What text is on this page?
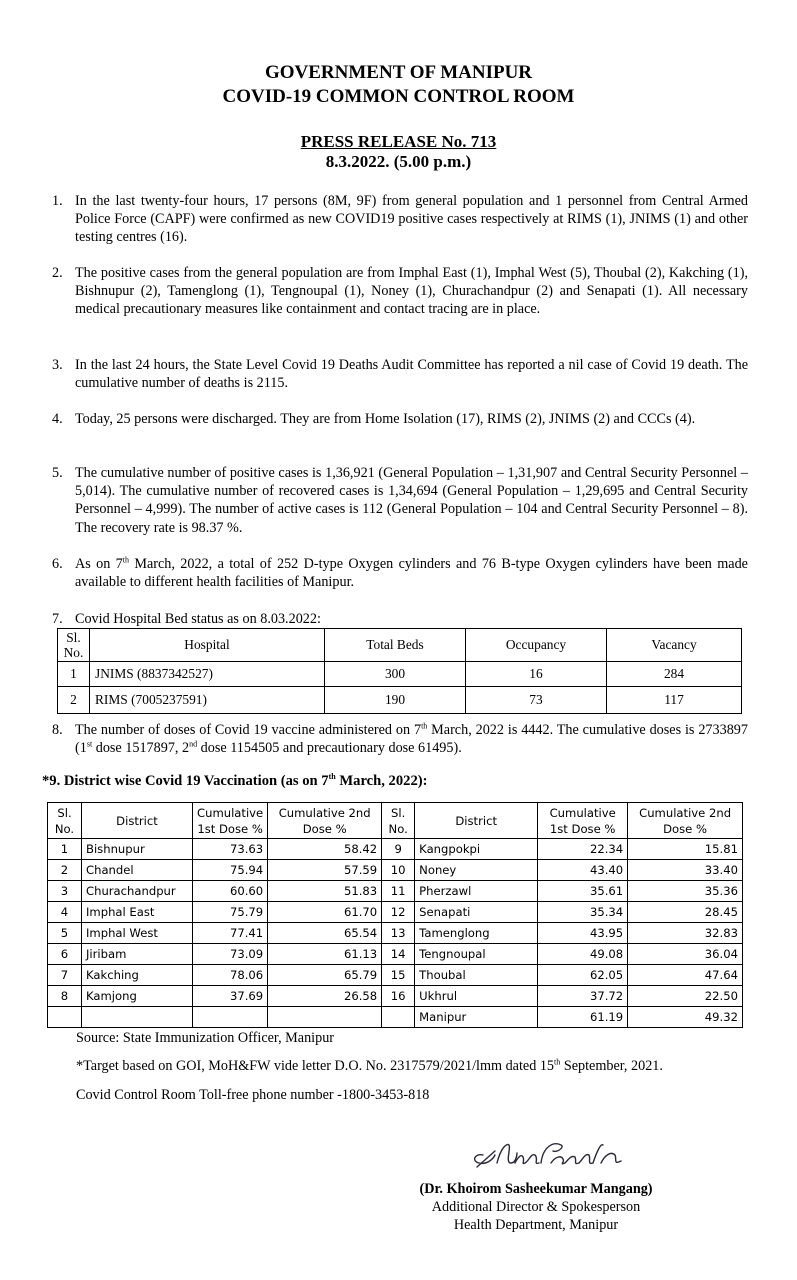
GOVERNMENT OF MANIPUR
COVID-19 COMMON CONTROL ROOM
PRESS RELEASE No. 713
8.3.2022. (5.00 p.m.)
1. In the last twenty-four hours, 17 persons (8M, 9F) from general population and 1 personnel from Central Armed Police Force (CAPF) were confirmed as new COVID19 positive cases respectively at RIMS (1), JNIMS (1) and other testing centres (16).
2. The positive cases from the general population are from Imphal East (1), Imphal West (5), Thoubal (2), Kakching (1), Bishnupur (2), Tamenglong (1), Tengnoupal (1), Noney (1), Churachandpur (2) and Senapati (1). All necessary medical precautionary measures like containment and contact tracing are in place.
3. In the last 24 hours, the State Level Covid 19 Deaths Audit Committee has reported a nil case of Covid 19 death. The cumulative number of deaths is 2115.
4. Today, 25 persons were discharged. They are from Home Isolation (17), RIMS (2), JNIMS (2) and CCCs (4).
5. The cumulative number of positive cases is 1,36,921 (General Population – 1,31,907 and Central Security Personnel – 5,014). The cumulative number of recovered cases is 1,34,694 (General Population – 1,29,695 and Central Security Personnel – 4,999). The number of active cases is 112 (General Population – 104 and Central Security Personnel – 8). The recovery rate is 98.37 %.
6. As on 7th March, 2022, a total of 252 D-type Oxygen cylinders and 76 B-type Oxygen cylinders have been made available to different health facilities of Manipur.
7. Covid Hospital Bed status as on 8.03.2022:
Sl. No.	Hospital	Total Beds	Occupancy	Vacancy
1	JNIMS (8837342527)	300	16	284
2	RIMS (7005237591)	190	73	117
8. The number of doses of Covid 19 vaccine administered on 7th March, 2022 is 4442. The cumulative doses is 2733897 (1st dose 1517897, 2nd dose 1154505 and precautionary dose 61495).
*9. District wise Covid 19 Vaccination (as on 7th March, 2022):
Sl. No.	District	Cumulative 1st Dose %	Cumulative 2nd Dose %	Sl. No.	District	Cumulative 1st Dose %	Cumulative 2nd Dose %
1	Bishnupur	73.63	58.42	9	Kangpokpi	22.34	15.81
2	Chandel	75.94	57.59	10	Noney	43.40	33.40
3	Churachandpur	60.60	51.83	11	Pherzawl	35.61	35.36
4	Imphal East	75.79	61.70	12	Senapati	35.34	28.45
5	Imphal West	77.41	65.54	13	Tamenglong	43.95	32.83
6	Jiribam	73.09	61.13	14	Tengnoupal	49.08	36.04
7	Kakching	78.06	65.79	15	Thoubal	62.05	47.64
8	Kamjong	37.69	26.58	16	Ukhrul	37.72	22.50
					Manipur	61.19	49.32
Source: State Immunization Officer, Manipur
*Target based on GOI, MoH&FW vide letter D.O. No. 2317579/2021/lmm dated 15th September, 2021.
Covid Control Room Toll-free phone number -1800-3453-818
(Dr. Khoirom Sasheekumar Mangang)
Additional Director & Spokesperson
Health Department, Manipur
